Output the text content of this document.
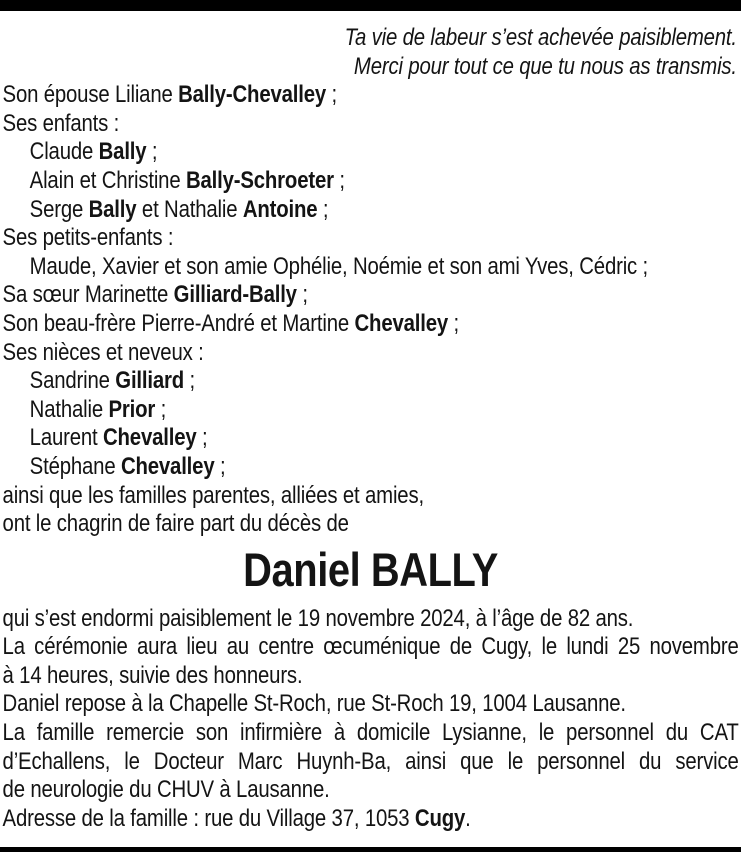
Ta vie de labeur s’est achevée paisiblement.
Merci pour tout ce que tu nous as transmis.
Son épouse Liliane Bally-Chevalley ;
Ses enfants :
Claude Bally ;
Alain et Christine Bally-Schroeter ;
Serge Bally et Nathalie Antoine ;
Ses petits-enfants :
Maude, Xavier et son amie Ophélie, Noémie et son ami Yves, Cédric ;
Sa sœur Marinette Gilliard-Bally ;
Son beau-frère Pierre-André et Martine Chevalley ;
Ses nièces et neveux :
Sandrine Gilliard ;
Nathalie Prior ;
Laurent Chevalley ;
Stéphane Chevalley ;
ainsi que les familles parentes, alliées et amies,
ont le chagrin de faire part du décès de
Daniel BALLY
qui s’est endormi paisiblement le 19 novembre 2024, à l’âge de 82 ans.
La cérémonie aura lieu au centre œcuménique de Cugy, le lundi 25 novembre
à 14 heures, suivie des honneurs.
Daniel repose à la Chapelle St-Roch, rue St-Roch 19, 1004 Lausanne.
La famille remercie son infirmière à domicile Lysianne, le personnel du CAT
d’Echallens, le Docteur Marc Huynh-Ba, ainsi que le personnel du service
de neurologie du CHUV à Lausanne.
Adresse de la famille : rue du Village 37, 1053 Cugy.
